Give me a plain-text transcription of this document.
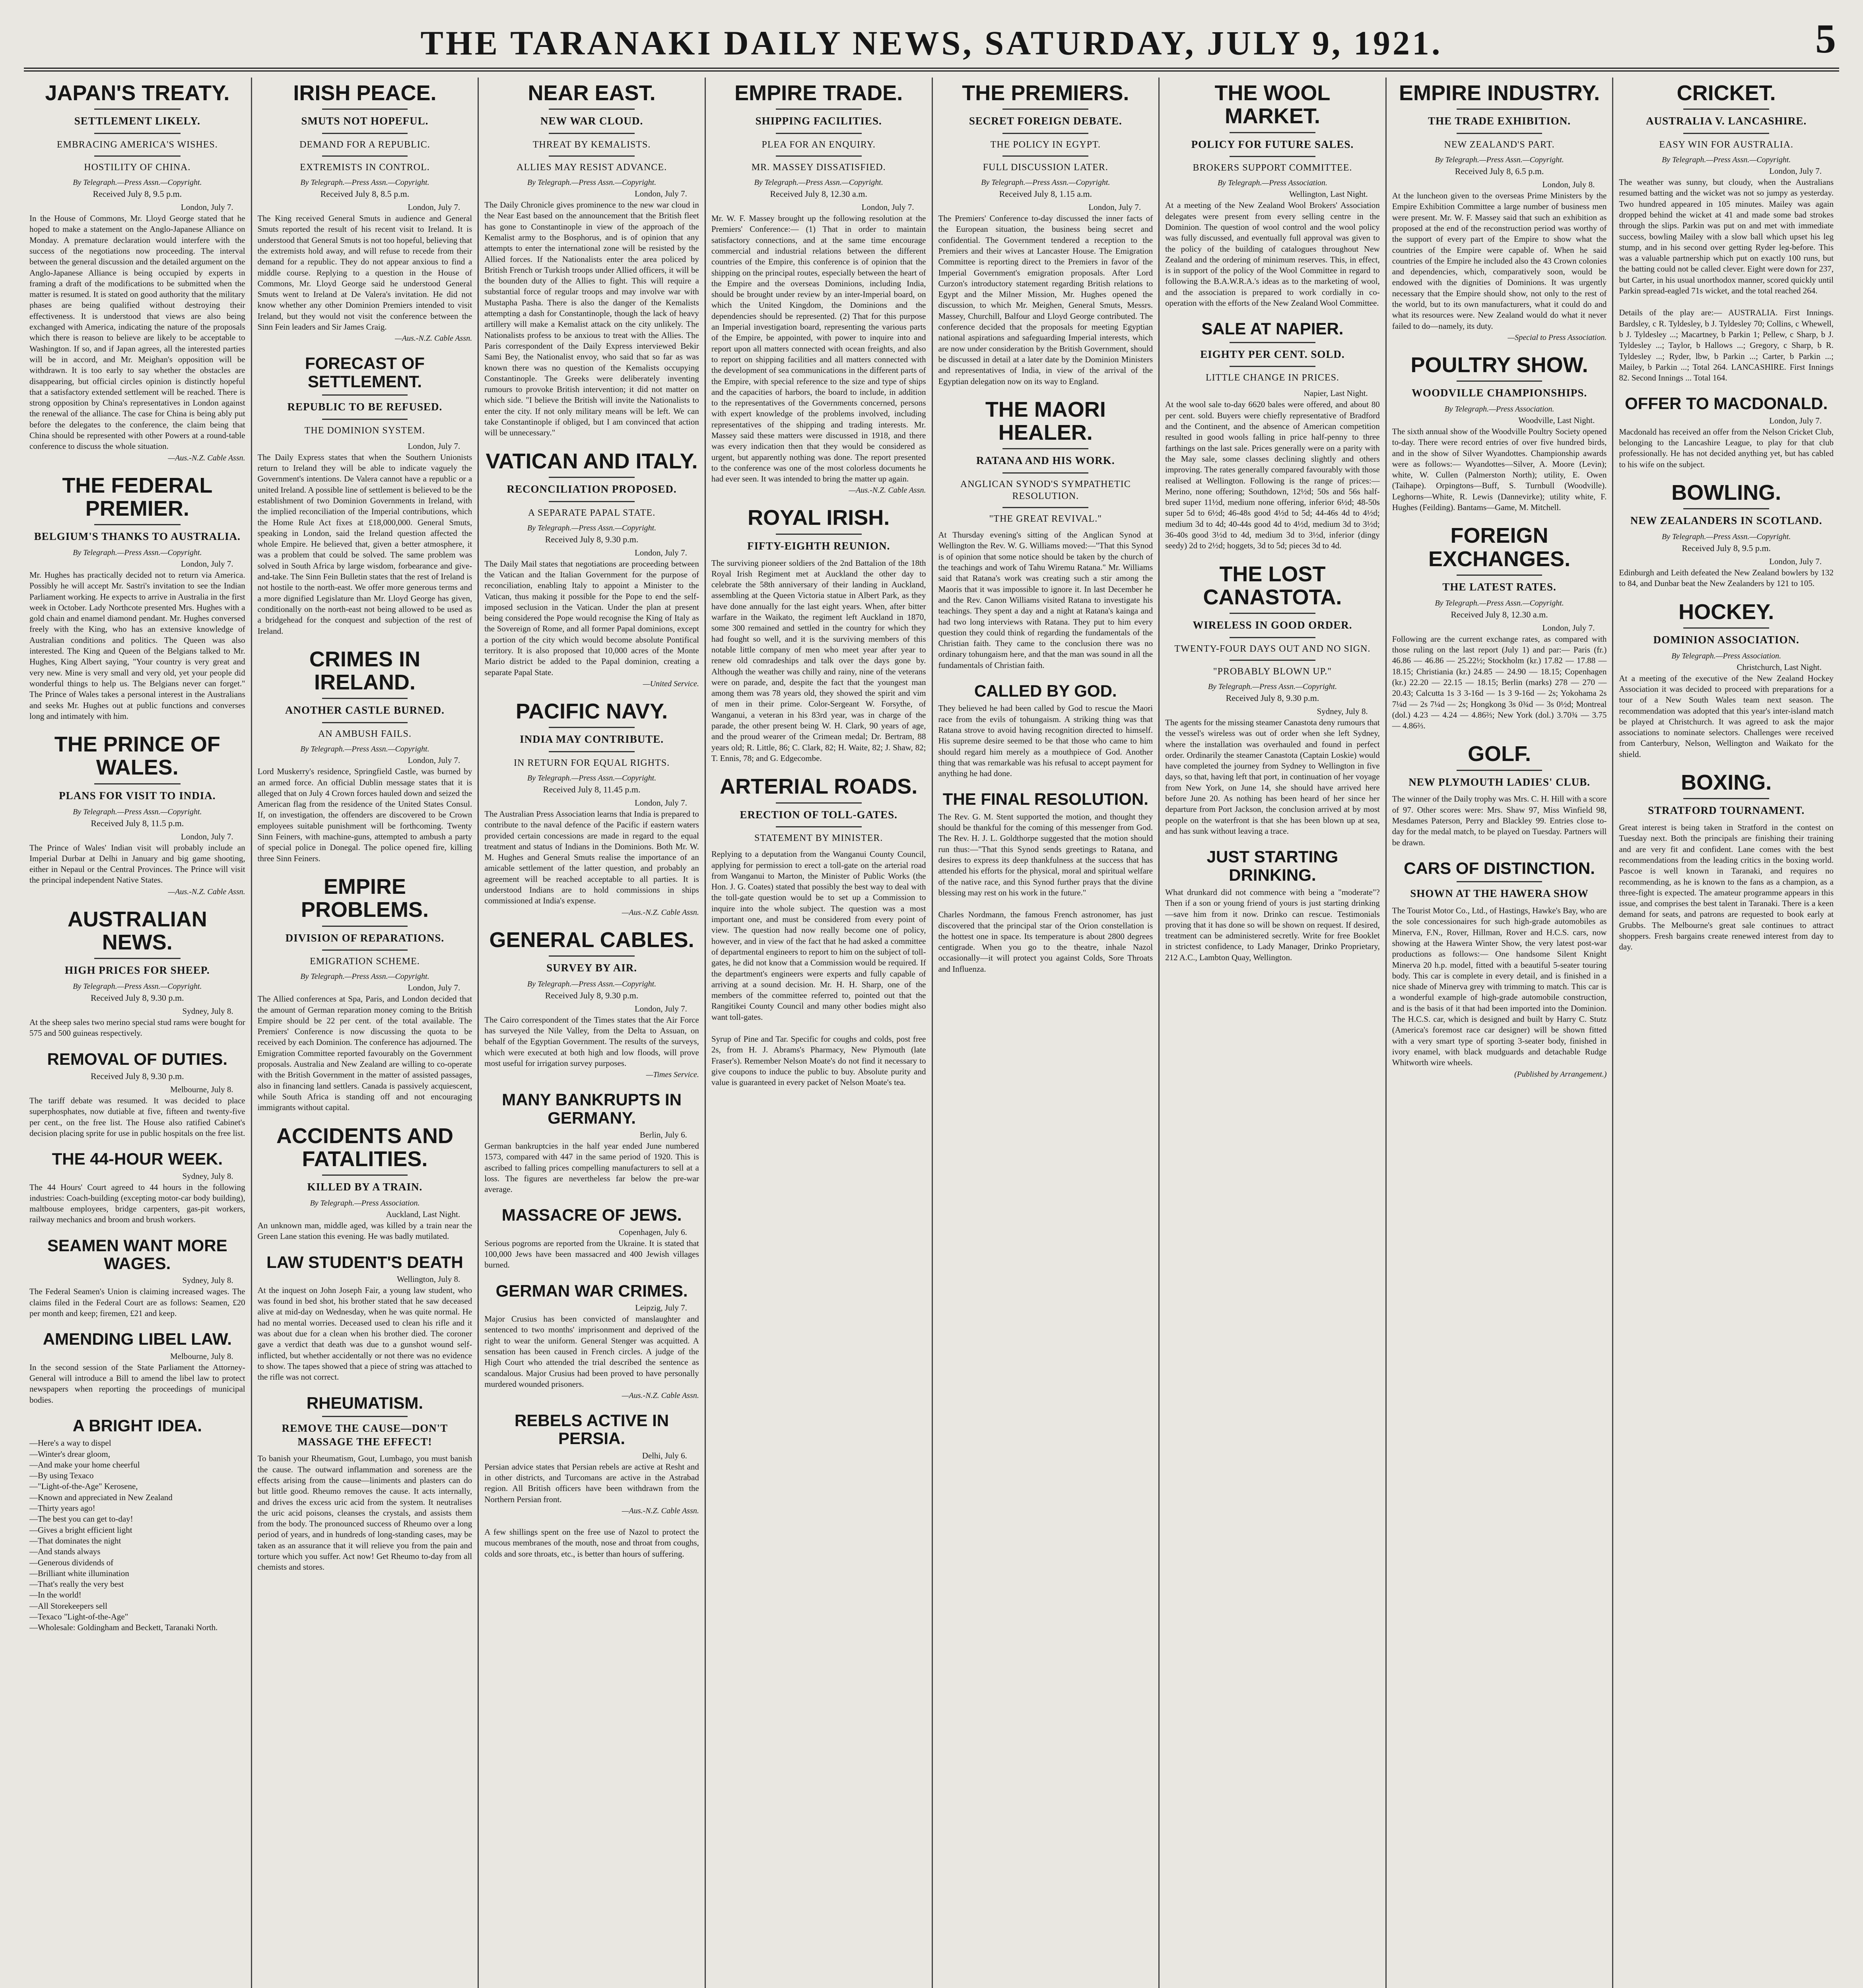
THE TARANAKI DAILY NEWS, SATURDAY, JULY 9, 1921.	5
JAPAN'S TREATY.
SETTLEMENT LIKELY.
EMBRACING AMERICA'S WISHES.
HOSTILITY OF CHINA.
By Telegraph.—Press Assn.—Copyright.
Received July 8, 9.5 p.m.
London, July 7.
In the House of Commons, Mr. Lloyd George stated that he hoped to make a statement on the Anglo-Japanese Alliance on Monday. A premature declaration would interfere with the success of the negotiations now proceeding. The interval between the general discussion and the detailed argument on the Anglo-Japanese Alliance is being occupied by experts in framing a draft of the modifications to be submitted when the matter is resumed. It is stated on good authority that the military phases are being qualified without destroying their effectiveness. It is understood that views are also being exchanged with America, indicating the nature of the proposals which there is reason to believe are likely to be acceptable to Washington. If so, and if Japan agrees, all the interested parties will be in accord, and Mr. Meighan's opposition will be withdrawn. It is too early to say whether the obstacles are disappearing, but official circles opinion is distinctly hopeful that a satisfactory extended settlement will be reached. There is strong opposition by China's representatives in London against the renewal of the alliance. The case for China is being ably put before the delegates to the conference, the claim being that China should be represented with other Powers at a round-table conference to discuss the whole situation.
—Aus.-N.Z. Cable Assn.
THE FEDERAL PREMIER.
BELGIUM'S THANKS TO AUSTRALIA.
By Telegraph.—Press Assn.—Copyright.
London, July 7.
Mr. Hughes has practically decided not to return via America. Possibly he will accept Mr. Sastri's invitation to see the Indian Parliament working. He expects to arrive in Australia in the first week in October. Lady Northcote presented Mrs. Hughes with a gold chain and enamel diamond pendant. Mr. Hughes conversed freely with the King, who has an extensive knowledge of Australian conditions and politics. The Queen was also interested. The King and Queen of the Belgians talked to Mr. Hughes, King Albert saying, "Your country is very great and very new. Mine is very small and very old, yet your people did wonderful things to help us. The Belgians never can forget." The Prince of Wales takes a personal interest in the Australians and seeks Mr. Hughes out at public functions and converses long and intimately with him.
THE PRINCE OF WALES.
PLANS FOR VISIT TO INDIA.
By Telegraph.—Press Assn.—Copyright.
Received July 8, 11.5 p.m.
London, July 7.
The Prince of Wales' Indian visit will probably include an Imperial Durbar at Delhi in January and big game shooting, either in Nepaul or the Central Provinces. The Prince will visit the principal independent Native States.
—Aus.-N.Z. Cable Assn.
AUSTRALIAN NEWS.
HIGH PRICES FOR SHEEP.
By Telegraph.—Press Assn.—Copyright.
Received July 8, 9.30 p.m.
Sydney, July 8.
At the sheep sales two merino special stud rams were bought for 575 and 500 guineas respectively.
REMOVAL OF DUTIES.
Received July 8, 9.30 p.m.
Melbourne, July 8.
The tariff debate was resumed. It was decided to place superphosphates, now dutiable at five, fifteen and twenty-five per cent., on the free list. The House also ratified Cabinet's decision placing sprite for use in public hospitals on the free list.
THE 44-HOUR WEEK.
Sydney, July 8.
The 44 Hours' Court agreed to 44 hours in the following industries: Coach-building (excepting motor-car body building), maltbouse employees, bridge carpenters, gas-pit workers, railway mechanics and broom and brush workers.
SEAMEN WANT MORE WAGES.
Sydney, July 8.
The Federal Seamen's Union is claiming increased wages. The claims filed in the Federal Court are as follows: Seamen, £20 per month and keep; firemen, £21 and keep.
AMENDING LIBEL LAW.
Melbourne, July 8.
In the second session of the State Parliament the Attorney-General will introduce a Bill to amend the libel law to protect newspapers when reporting the proceedings of municipal bodies.
A BRIGHT IDEA.
—Here's a way to dispel
—Winter's drear gloom,
—And make your home cheerful
—By using Texaco
—"Light-of-the-Age" Kerosene,
—Known and appreciated in New Zealand
—Thirty years ago!
—The best you can get to-day!
—Gives a bright efficient light
—That dominates the night
—And stands always
—Generous dividends of
—Brilliant white illumination
—That's really the very best
—In the world!
—All Storekeepers sell
—Texaco "Light-of-the-Age"
—Wholesale: Goldingham and Beckett, Taranaki North.
IRISH PEACE.
SMUTS NOT HOPEFUL.
DEMAND FOR A REPUBLIC.
EXTREMISTS IN CONTROL.
By Telegraph.—Press Assn.—Copyright.
Received July 8, 8.5 p.m.
London, July 7.
The King received General Smuts in audience and General Smuts reported the result of his recent visit to Ireland. It is understood that General Smuts is not too hopeful, believing that the extremists hold away, and will refuse to recede from their demand for a republic. They do not appear anxious to find a middle course. Replying to a question in the House of Commons, Mr. Lloyd George said he understood General Smuts went to Ireland at De Valera's invitation. He did not know whether any other Dominion Premiers intended to visit Ireland, but they would not visit the conference between the Sinn Fein leaders and Sir James Craig.
—Aus.-N.Z. Cable Assn.
FORECAST OF SETTLEMENT.
REPUBLIC TO BE REFUSED.
THE DOMINION SYSTEM.
London, July 7.
The Daily Express states that when the Southern Unionists return to Ireland they will be able to indicate vaguely the Government's intentions. De Valera cannot have a republic or a united Ireland. A possible line of settlement is believed to be the establishment of two Dominion Governments in Ireland, with the implied reconciliation of the Imperial contributions, which the Home Rule Act fixes at £18,000,000. General Smuts, speaking in London, said the Ireland question affected the whole Empire. He believed that, given a better atmosphere, it was a problem that could be solved. The same problem was solved in South Africa by large wisdom, forbearance and give-and-take. The Sinn Fein Bulletin states that the rest of Ireland is not hostile to the north-east. We offer more generous terms and a more dignified Legislature than Mr. Lloyd George has given, conditionally on the north-east not being allowed to be used as a bridgehead for the conquest and subjection of the rest of Ireland.
CRIMES IN IRELAND.
ANOTHER CASTLE BURNED.
AN AMBUSH FAILS.
By Telegraph.—Press Assn.—Copyright.
London, July 7.
Lord Muskerry's residence, Springfield Castle, was burned by an armed force. An official Dublin message states that it is alleged that on July 4 Crown forces hauled down and seized the American flag from the residence of the United States Consul. If, on investigation, the offenders are discovered to be Crown employees suitable punishment will be forthcoming. Twenty Sinn Feiners, with machine-guns, attempted to ambush a party of special police in Donegal. The police opened fire, killing three Sinn Feiners.
EMPIRE PROBLEMS.
DIVISION OF REPARATIONS.
EMIGRATION SCHEME.
By Telegraph.—Press Assn.—Copyright.
London, July 7.
The Allied conferences at Spa, Paris, and London decided that the amount of German reparation money coming to the British Empire should be 22 per cent. of the total available. The Premiers' Conference is now discussing the quota to be received by each Dominion. The conference has adjourned. The Emigration Committee reported favourably on the Government proposals. Australia and New Zealand are willing to co-operate with the British Government in the matter of assisted passages, also in financing land settlers. Canada is passively acquiescent, while South Africa is standing off and not encouraging immigrants without capital.
ACCIDENTS AND FATALITIES.
KILLED BY A TRAIN.
By Telegraph.—Press Association.
Auckland, Last Night.
An unknown man, middle aged, was killed by a train near the Green Lane station this evening. He was badly mutilated.
LAW STUDENT'S DEATH
Wellington, July 8.
At the inquest on John Joseph Fair, a young law student, who was found in bed shot, his brother stated that he saw deceased alive at mid-day on Wednesday, when he was quite normal. He had no mental worries. Deceased used to clean his rifle and it was about due for a clean when his brother died. The coroner gave a verdict that death was due to a gunshot wound self-inflicted, but whether accidentally or not there was no evidence to show. The tapes showed that a piece of string was attached to the rifle was not correct.
RHEUMATISM.
REMOVE THE CAUSE—DON'T MASSAGE THE EFFECT!
To banish your Rheumatism, Gout, Lumbago, you must banish the cause. The outward inflammation and soreness are the effects arising from the cause—liniments and plasters can do but little good. Rheumo removes the cause. It acts internally, and drives the excess uric acid from the system. It neutralises the uric acid poisons, cleanses the crystals, and assists them from the body. The pronounced success of Rheumo over a long period of years, and in hundreds of long-standing cases, may be taken as an assurance that it will relieve you from the pain and torture which you suffer. Act now! Get Rheumo to-day from all chemists and stores.
NEAR EAST.
NEW WAR CLOUD.
THREAT BY KEMALISTS.
ALLIES MAY RESIST ADVANCE.
By Telegraph.—Press Assn.—Copyright.
London, July 7.
The Daily Chronicle gives prominence to the new war cloud in the Near East based on the announcement that the British fleet has gone to Constantinople in view of the approach of the Kemalist army to the Bosphorus, and is of opinion that any attempts to enter the international zone will be resisted by the Allied forces. If the Nationalists enter the area policed by British French or Turkish troops under Allied officers, it will be the bounden duty of the Allies to fight. This will require a substantial force of regular troops and may involve war with Mustapha Pasha. There is also the danger of the Kemalists attempting a dash for Constantinople, though the lack of heavy artillery will make a Kemalist attack on the city unlikely. The Nationalists profess to be anxious to treat with the Allies. The Paris correspondent of the Daily Express interviewed Bekir Sami Bey, the Nationalist envoy, who said that so far as was known there was no question of the Kemalists occupying Constantinople. The Greeks were deliberately inventing rumours to provoke British intervention; it did not matter on which side. "I believe the British will invite the Nationalists to enter the city. If not only military means will be left. We can take Constantinople if obliged, but I am convinced that action will be unnecessary."
VATICAN AND ITALY.
RECONCILIATION PROPOSED.
A SEPARATE PAPAL STATE.
By Telegraph.—Press Assn.—Copyright.
Received July 8, 9.30 p.m.
London, July 7.
The Daily Mail states that negotiations are proceeding between the Vatican and the Italian Government for the purpose of reconciliation, enabling Italy to appoint a Minister to the Vatican, thus making it possible for the Pope to end the self-imposed seclusion in the Vatican. Under the plan at present being considered the Pope would recognise the King of Italy as the Sovereign of Rome, and all former Papal dominions, except a portion of the city which would become absolute Pontifical territory. It is also proposed that 10,000 acres of the Monte Mario district be added to the Papal dominion, creating a separate Papal State.
—United Service.
PACIFIC NAVY.
INDIA MAY CONTRIBUTE.
IN RETURN FOR EQUAL RIGHTS.
By Telegraph.—Press Assn.—Copyright.
Received July 8, 11.45 p.m.
London, July 7.
The Australian Press Association learns that India is prepared to contribute to the naval defence of the Pacific if eastern waters provided certain concessions are made in regard to the equal treatment and status of Indians in the Dominions. Both Mr. W. M. Hughes and General Smuts realise the importance of an amicable settlement of the latter question, and probably an agreement will be reached acceptable to all parties. It is understood Indians are to hold commissions in ships commissioned at India's expense.
—Aus.-N.Z. Cable Assn.
GENERAL CABLES.
SURVEY BY AIR.
By Telegraph.—Press Assn.—Copyright.
Received July 8, 9.30 p.m.
London, July 7.
The Cairo correspondent of the Times states that the Air Force has surveyed the Nile Valley, from the Delta to Assuan, on behalf of the Egyptian Government. The results of the surveys, which were executed at both high and low floods, will prove most useful for irrigation survey purposes.
—Times Service.
MANY BANKRUPTS IN GERMANY.
Berlin, July 6.
German bankruptcies in the half year ended June numbered 1573, compared with 447 in the same period of 1920. This is ascribed to falling prices compelling manufacturers to sell at a loss. The figures are nevertheless far below the pre-war average.
MASSACRE OF JEWS.
Copenhagen, July 6.
Serious pogroms are reported from the Ukraine. It is stated that 100,000 Jews have been massacred and 400 Jewish villages burned.
GERMAN WAR CRIMES.
Leipzig, July 7.
Major Crusius has been convicted of manslaughter and sentenced to two months' imprisonment and deprived of the right to wear the uniform. General Stenger was acquitted. A sensation has been caused in French circles. A judge of the High Court who attended the trial described the sentence as scandalous. Major Crusius had been proved to have personally murdered wounded prisoners.
—Aus.-N.Z. Cable Assn.
REBELS ACTIVE IN PERSIA.
Delhi, July 6.
Persian advice states that Persian rebels are active at Resht and in other districts, and Turcomans are active in the Astrabad region. All British officers have been withdrawn from the Northern Persian front.
—Aus.-N.Z. Cable Assn.
A few shillings spent on the free use of Nazol to protect the mucous membranes of the mouth, nose and throat from coughs, colds and sore throats, etc., is better than hours of suffering.
EMPIRE TRADE.
SHIPPING FACILITIES.
PLEA FOR AN ENQUIRY.
MR. MASSEY DISSATISFIED.
By Telegraph.—Press Assn.—Copyright.
Received July 8, 12.30 a.m.
London, July 7.
Mr. W. F. Massey brought up the following resolution at the Premiers' Conference:— (1) That in order to maintain satisfactory connections, and at the same time encourage commercial and industrial relations between the different countries of the Empire, this conference is of opinion that the shipping on the principal routes, especially between the heart of the Empire and the overseas Dominions, including India, should be brought under review by an inter-Imperial board, on which the United Kingdom, the Dominions and the dependencies should be represented. (2) That for this purpose an Imperial investigation board, representing the various parts of the Empire, be appointed, with power to inquire into and report upon all matters connected with ocean freights, and also to report on shipping facilities and all matters connected with the development of sea communications in the different parts of the Empire, with special reference to the size and type of ships and the capacities of harbors, the board to include, in addition to the representatives of the Governments concerned, persons with expert knowledge of the problems involved, including representatives of the shipping and trading interests. Mr. Massey said these matters were discussed in 1918, and there was every indication then that they would be considered as urgent, but apparently nothing was done. The report presented to the conference was one of the most colorless documents he had ever seen. It was intended to bring the matter up again.
—Aus.-N.Z. Cable Assn.
ROYAL IRISH.
FIFTY-EIGHTH REUNION.
The surviving pioneer soldiers of the 2nd Battalion of the 18th Royal Irish Regiment met at Auckland the other day to celebrate the 58th anniversary of their landing in Auckland, assembling at the Queen Victoria statue in Albert Park, as they have done annually for the last eight years. When, after bitter warfare in the Waikato, the regiment left Auckland in 1870, some 300 remained and settled in the country for which they had fought so well, and it is the surviving members of this notable little company of men who meet year after year to renew old comradeships and talk over the days gone by. Although the weather was chilly and rainy, nine of the veterans were on parade, and, despite the fact that the youngest man among them was 78 years old, they showed the spirit and vim of men in their prime. Color-Sergeant W. Forsythe, of Wanganui, a veteran in his 83rd year, was in charge of the parade, the other present being W. H. Clark, 90 years of age, and the proud wearer of the Crimean medal; Dr. Bertram, 88 years old; R. Little, 86; C. Clark, 82; H. Waite, 82; J. Shaw, 82; T. Ennis, 78; and G. Edgecombe.
ARTERIAL ROADS.
ERECTION OF TOLL-GATES.
STATEMENT BY MINISTER.
Replying to a deputation from the Wanganui County Council, applying for permission to erect a toll-gate on the arterial road from Wanganui to Marton, the Minister of Public Works (the Hon. J. G. Coates) stated that possibly the best way to deal with the toll-gate question would be to set up a Commission to inquire into the whole subject. The question was a most important one, and must be considered from every point of view. The question had now really become one of policy, however, and in view of the fact that he had asked a committee of departmental engineers to report to him on the subject of toll-gates, he did not know that a Commission would be required. If the department's engineers were experts and fully capable of arriving at a sound decision. Mr. H. H. Sharp, one of the members of the committee referred to, pointed out that the Rangitikei County Council and many other bodies might also want toll-gates.
Syrup of Pine and Tar. Specific for coughs and colds, post free 2s, from H. J. Abrams's Pharmacy, New Plymouth (late Fraser's). Remember Nelson Moate's do not find it necessary to give coupons to induce the public to buy. Absolute purity and value is guaranteed in every packet of Nelson Moate's tea.
THE PREMIERS.
SECRET FOREIGN DEBATE.
THE POLICY IN EGYPT.
FULL DISCUSSION LATER.
By Telegraph.—Press Assn.—Copyright.
Received July 8, 1.15 a.m.
London, July 7.
The Premiers' Conference to-day discussed the inner facts of the European situation, the business being secret and confidential. The Government tendered a reception to the Premiers and their wives at Lancaster House. The Emigration Committee is reporting direct to the Premiers in favor of the Imperial Government's emigration proposals. After Lord Curzon's introductory statement regarding British relations to Egypt and the Milner Mission, Mr. Hughes opened the discussion, to which Mr. Meighen, General Smuts, Messrs. Massey, Churchill, Balfour and Lloyd George contributed. The conference decided that the proposals for meeting Egyptian national aspirations and safeguarding Imperial interests, which are now under consideration by the British Government, should be discussed in detail at a later date by the Dominion Ministers and representatives of India, in view of the arrival of the Egyptian delegation now on its way to England.
THE MAORI HEALER.
RATANA AND HIS WORK.
ANGLICAN SYNOD'S SYMPATHETIC RESOLUTION.
"THE GREAT REVIVAL."
At Thursday evening's sitting of the Anglican Synod at Wellington the Rev. W. G. Williams moved:—"That this Synod is of opinion that some notice should be taken by the church of the teachings and work of Tahu Wiremu Ratana." Mr. Williams said that Ratana's work was creating such a stir among the Maoris that it was impossible to ignore it. In last December he and the Rev. Canon Williams visited Ratana to investigate his teachings. They spent a day and a night at Ratana's kainga and had two long interviews with Ratana. They put to him every question they could think of regarding the fundamentals of the Christian faith. They came to the conclusion there was no ordinary tohungaism here, and that the man was sound in all the fundamentals of Christian faith.
CALLED BY GOD.
They believed he had been called by God to rescue the Maori race from the evils of tohungaism. A striking thing was that Ratana strove to avoid having recognition directed to himself. His supreme desire seemed to be that those who came to him should regard him merely as a mouthpiece of God. Another thing that was remarkable was his refusal to accept payment for anything he had done.
THE FINAL RESOLUTION.
The Rev. G. M. Stent supported the motion, and thought they should be thankful for the coming of this messenger from God. The Rev. H. J. L. Goldthorpe suggested that the motion should run thus:—"That this Synod sends greetings to Ratana, and desires to express its deep thankfulness at the success that has attended his efforts for the physical, moral and spiritual welfare of the native race, and this Synod further prays that the divine blessing may rest on his work in the future."
Charles Nordmann, the famous French astronomer, has just discovered that the principal star of the Orion constellation is the hottest one in space. Its temperature is about 2800 degrees centigrade. When you go to the theatre, inhale Nazol occasionally—it will protect you against Colds, Sore Throats and Influenza.
THE WOOL MARKET.
POLICY FOR FUTURE SALES.
BROKERS SUPPORT COMMITTEE.
By Telegraph.—Press Association.
Wellington, Last Night.
At a meeting of the New Zealand Wool Brokers' Association delegates were present from every selling centre in the Dominion. The question of wool control and the wool policy was fully discussed, and eventually full approval was given to the policy of the building of catalogues throughout New Zealand and the ordering of minimum reserves. This, in effect, is in support of the policy of the Wool Committee in regard to following the B.A.W.R.A.'s ideas as to the marketing of wool, and the association is prepared to work cordially in co-operation with the efforts of the New Zealand Wool Committee.
SALE AT NAPIER.
EIGHTY PER CENT. SOLD.
LITTLE CHANGE IN PRICES.
Napier, Last Night.
At the wool sale to-day 6620 bales were offered, and about 80 per cent. sold. Buyers were chiefly representative of Bradford and the Continent, and the absence of American competition resulted in good wools falling in price half-penny to three farthings on the last sale. Prices generally were on a parity with the May sale, some classes declining slightly and others improving. The rates generally compared favourably with those realised at Wellington. Following is the range of prices:— Merino, none offering; Southdown, 12½d; 50s and 56s half-bred super 11½d, medium none offering, inferior 6½d; 48-50s super 5d to 6½d; 46-48s good 4½d to 5d; 44-46s 4d to 4½d; medium 3d to 4d; 40-44s good 4d to 4½d, medium 3d to 3½d; 36-40s good 3½d to 4d, medium 3d to 3½d, inferior (dingy seedy) 2d to 2½d; hoggets, 3d to 5d; pieces 3d to 4d.
THE LOST CANASTOTA.
WIRELESS IN GOOD ORDER.
TWENTY-FOUR DAYS OUT AND NO SIGN.
"PROBABLY BLOWN UP."
By Telegraph.—Press Assn.—Copyright.
Received July 8, 9.30 p.m.
Sydney, July 8.
The agents for the missing steamer Canastota deny rumours that the vessel's wireless was out of order when she left Sydney, where the installation was overhauled and found in perfect order. Ordinarily the steamer Canastota (Captain Loskie) would have completed the journey from Sydney to Wellington in five days, so that, having left that port, in continuation of her voyage from New York, on June 14, she should have arrived here before June 20. As nothing has been heard of her since her departure from Port Jackson, the conclusion arrived at by most people on the waterfront is that she has been blown up at sea, and has sunk without leaving a trace.
JUST STARTING DRINKING.
What drunkard did not commence with being a "moderate"? Then if a son or young friend of yours is just starting drinking—save him from it now. Drinko can rescue. Testimonials proving that it has done so will be shown on request. If desired, treatment can be administered secretly. Write for free Booklet in strictest confidence, to Lady Manager, Drinko Proprietary, 212 A.C., Lambton Quay, Wellington.
EMPIRE INDUSTRY.
THE TRADE EXHIBITION.
NEW ZEALAND'S PART.
By Telegraph.—Press Assn.—Copyright.
Received July 8, 6.5 p.m.
London, July 8.
At the luncheon given to the overseas Prime Ministers by the Empire Exhibition Committee a large number of business men were present. Mr. W. F. Massey said that such an exhibition as proposed at the end of the reconstruction period was worthy of the support of every part of the Empire to show what the countries of the Empire were capable of. When he said countries of the Empire he included also the 43 Crown colonies and dependencies, which, comparatively soon, would be endowed with the dignities of Dominions. It was urgently necessary that the Empire should show, not only to the rest of the world, but to its own manufacturers, what it could do and what its resources were. New Zealand would do what it never failed to do—namely, its duty.
—Special to Press Association.
POULTRY SHOW.
WOODVILLE CHAMPIONSHIPS.
By Telegraph.—Press Association.
Woodville, Last Night.
The sixth annual show of the Woodville Poultry Society opened to-day. There were record entries of over five hundred birds, and in the show of Silver Wyandottes. Championship awards were as follows:— Wyandottes—Silver, A. Moore (Levin); white, W. Cullen (Palmerston North); utility, E. Owen (Taihape). Orpingtons—Buff, S. Turnbull (Woodville). Leghorns—White, R. Lewis (Dannevirke); utility white, F. Hughes (Feilding). Bantams—Game, M. Mitchell.
FOREIGN EXCHANGES.
THE LATEST RATES.
By Telegraph.—Press Assn.—Copyright.
Received July 8, 12.30 a.m.
London, July 7.
Following are the current exchange rates, as compared with those ruling on the last report (July 1) and par:— Paris (fr.) 46.86 — 46.86 — 25.22½; Stockholm (kr.) 17.82 — 17.88 — 18.15; Christiania (kr.) 24.85 — 24.90 — 18.15; Copenhagen (kr.) 22.20 — 22.15 — 18.15; Berlin (marks) 278 — 270 — 20.43; Calcutta 1s 3 3-16d — 1s 3 9-16d — 2s; Yokohama 2s 7¼d — 2s 7¼d — 2s; Hongkong 3s 0¾d — 3s 0½d; Montreal (dol.) 4.23 — 4.24 — 4.86⅔; New York (dol.) 3.70¾ — 3.75 — 4.86⅔.
GOLF.
NEW PLYMOUTH LADIES' CLUB.
The winner of the Daily trophy was Mrs. C. H. Hill with a score of 97. Other scores were: Mrs. Shaw 97, Miss Winfield 98, Mesdames Paterson, Perry and Blackley 99. Entries close to-day for the medal match, to be played on Tuesday. Partners will be drawn.
CARS OF DISTINCTION.
SHOWN AT THE HAWERA SHOW
The Tourist Motor Co., Ltd., of Hastings, Hawke's Bay, who are the sole concessionaires for such high-grade automobiles as Minerva, F.N., Rover, Hillman, Rover and H.C.S. cars, now showing at the Hawera Winter Show, the very latest post-war productions as follows:— One handsome Silent Knight Minerva 20 h.p. model, fitted with a beautiful 5-seater touring body. This car is complete in every detail, and is finished in a nice shade of Minerva grey with trimming to match. This car is a wonderful example of high-grade automobile construction, and is the basis of it that had been imported into the Dominion. The H.C.S. car, which is designed and built by Harry C. Stutz (America's foremost race car designer) will be shown fitted with a very smart type of sporting 3-seater body, finished in ivory enamel, with black mudguards and detachable Rudge Whitworth wire wheels.
(Published by Arrangement.)
CRICKET.
AUSTRALIA V. LANCASHIRE.
EASY WIN FOR AUSTRALIA.
By Telegraph.—Press Assn.—Copyright.
London, July 7.
The weather was sunny, but cloudy, when the Australians resumed batting and the wicket was not so jumpy as yesterday. Two hundred appeared in 105 minutes. Mailey was again dropped behind the wicket at 41 and made some bad strokes through the slips. Parkin was put on and met with immediate success, bowling Mailey with a slow ball which upset his leg stump, and in his second over getting Ryder leg-before. This was a valuable partnership which put on exactly 100 runs, but the batting could not be called clever. Eight were down for 237, but Carter, in his usual unorthodox manner, scored quickly until Parkin spread-eagled 71s wicket, and the total reached 264.
Details of the play are:— AUSTRALIA. First Innings. Bardsley, c R. Tyldesley, b J. Tyldesley 70; Collins, c Whewell, b J. Tyldesley ...; Macartney, b Parkin 1; Pellew, c Sharp, b J. Tyldesley ...; Taylor, b Hallows ...; Gregory, c Sharp, b R. Tyldesley ...; Ryder, lbw, b Parkin ...; Carter, b Parkin ...; Mailey, b Parkin ...; Total 264. LANCASHIRE. First Innings 82. Second Innings ... Total 164.
OFFER TO MACDONALD.
London, July 7.
Macdonald has received an offer from the Nelson Cricket Club, belonging to the Lancashire League, to play for that club professionally. He has not decided anything yet, but has cabled to his wife on the subject.
BOWLING.
NEW ZEALANDERS IN SCOTLAND.
By Telegraph.—Press Assn.—Copyright.
Received July 8, 9.5 p.m.
London, July 7.
Edinburgh and Leith defeated the New Zealand bowlers by 132 to 84, and Dunbar beat the New Zealanders by 121 to 105.
HOCKEY.
DOMINION ASSOCIATION.
By Telegraph.—Press Association.
Christchurch, Last Night.
At a meeting of the executive of the New Zealand Hockey Association it was decided to proceed with preparations for a tour of a New South Wales team next season. The recommendation was adopted that this year's inter-island match be played at Christchurch. It was agreed to ask the major associations to nominate selectors. Challenges were received from Canterbury, Nelson, Wellington and Waikato for the shield.
BOXING.
STRATFORD TOURNAMENT.
Great interest is being taken in Stratford in the contest on Tuesday next. Both the principals are finishing their training and are very fit and confident. Lane comes with the best recommendations from the leading critics in the boxing world. Pascoe is well known in Taranaki, and requires no recommending, as he is known to the fans as a champion, as a three-fight is expected. The amateur programme appears in this issue, and comprises the best talent in Taranaki. There is a keen demand for seats, and patrons are requested to book early at Grubbs. The Melbourne's great sale continues to attract shoppers. Fresh bargains create renewed interest from day to day.
